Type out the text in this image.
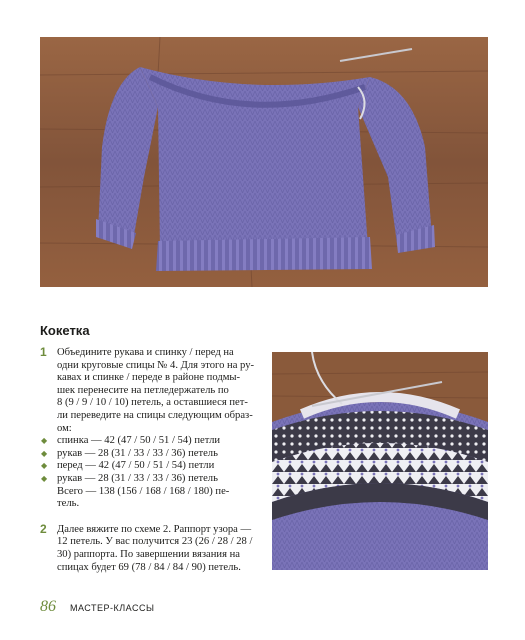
Кокетка
1 Объедините рукава и спинку / перед на
одни круговые спицы № 4. Для этого на ру-
кавах и спинке / переде в районе подмы-
шек перенесите на петледержатель по
8 (9 / 9 / 10 / 10) петель, а оставшиеся пет-
ли переведите на спицы следующим образ-
ом:
◆ спинка — 42 (47 / 50 / 51 / 54) петли
◆ рукав — 28 (31 / 33 / 33 / 36) петель
◆ перед — 42 (47 / 50 / 51 / 54) петли
◆ рукав — 28 (31 / 33 / 33 / 36) петель
Всего — 138 (156 / 168 / 168 / 180) пе-
тель.
2 Далее вяжите по схеме 2. Раппорт узора —
12 петель. У вас получится 23 (26 / 28 / 28 /
30) раппорта. По завершении вязания на
спицах будет 69 (78 / 84 / 84 / 90) петель.
86 МАСТЕР-КЛАССЫ
